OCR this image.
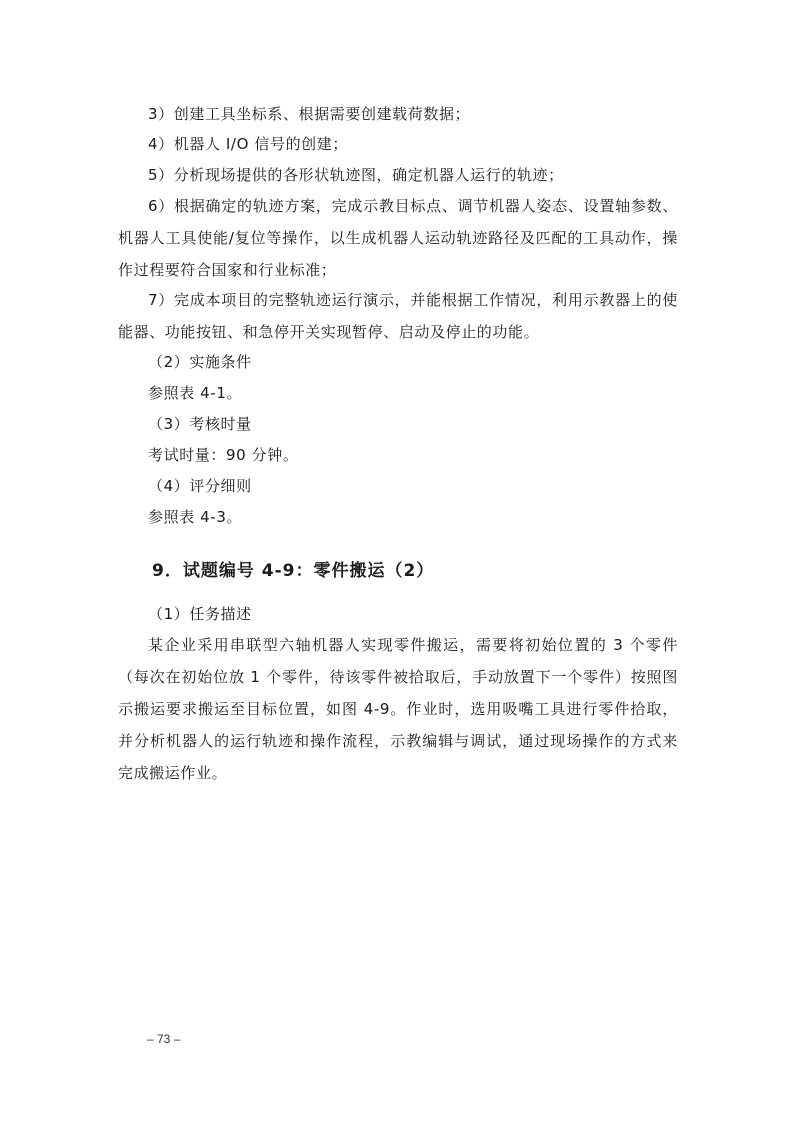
3）创建工具坐标系、根据需要创建载荷数据；

4）机器人 I/O 信号的创建；

5）分析现场提供的各形状轨迹图，确定机器人运行的轨迹；

6）根据确定的轨迹方案，完成示教目标点、调节机器人姿态、设置轴参数、机器人工具使能/复位等操作，以生成机器人运动轨迹路径及匹配的工具动作，操作过程要符合国家和行业标准；

7）完成本项目的完整轨迹运行演示，并能根据工作情况，利用示教器上的使能器、功能按钮、和急停开关实现暂停、启动及停止的功能。

（2）实施条件

参照表 4-1。

（3）考核时量

考试时量：90 分钟。

（4）评分细则

参照表 4-3。

9．试题编号 4-9：零件搬运（2）

（1）任务描述

某企业采用串联型六轴机器人实现零件搬运，需要将初始位置的 3 个零件（每次在初始位放 1 个零件，待该零件被拾取后，手动放置下一个零件）按照图示搬运要求搬运至目标位置，如图 4-9。作业时，选用吸嘴工具进行零件拾取，并分析机器人的运行轨迹和操作流程，示教编辑与调试，通过现场操作的方式来完成搬运作业。

– 73 –
